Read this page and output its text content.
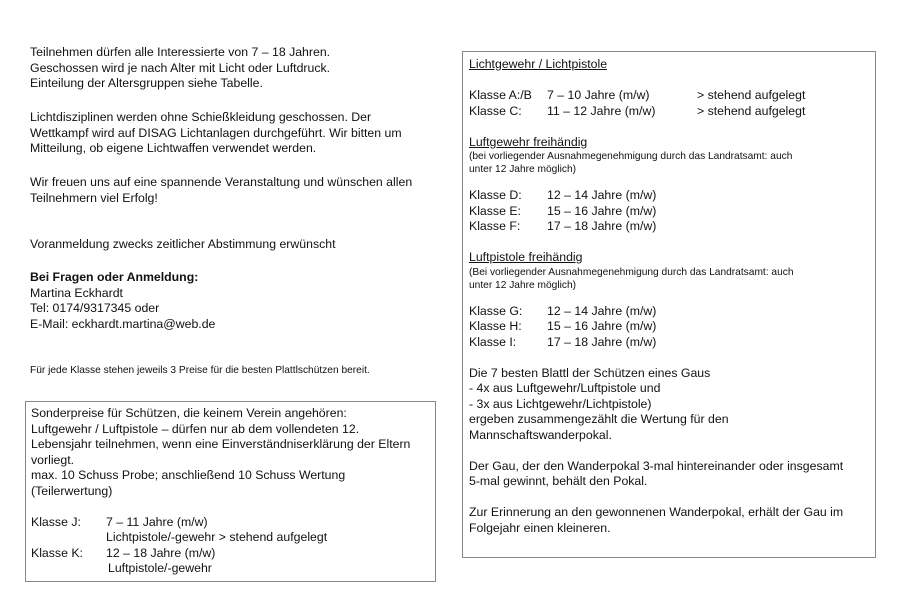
Teilnehmen dürfen alle Interessierte von 7 – 18 Jahren.
Geschossen wird je nach Alter mit Licht oder Luftdruck.
Einteilung der Altersgruppen siehe Tabelle.
Lichtdisziplinen werden ohne Schießkleidung geschossen. Der
Wettkampf wird auf DISAG Lichtanlagen durchgeführt. Wir bitten um
Mitteilung, ob eigene Lichtwaffen verwendet werden.
Wir freuen uns auf eine spannende Veranstaltung und wünschen allen
Teilnehmern viel Erfolg!
Voranmeldung zwecks zeitlicher Abstimmung erwünscht
Bei Fragen oder Anmeldung:
Martina Eckhardt
Tel: 0174/9317345 oder
E-Mail: eckhardt.martina@web.de
Für jede Klasse stehen jeweils 3 Preise für die besten Plattlschützen bereit.
Sonderpreise für Schützen, die keinem Verein angehören:
Luftgewehr / Luftpistole – dürfen nur ab dem vollendeten 12.
Lebensjahr teilnehmen, wenn eine Einverständniserklärung der Eltern
vorliegt.
max. 10 Schuss Probe; anschließend 10 Schuss Wertung
(Teilerwertung)
Klasse J:	7 – 11 Jahre (m/w)
Lichtpistole/-gewehr > stehend aufgelegt
Klasse K:	12 – 18 Jahre (m/w)
Luftpistole/-gewehr
Lichtgewehr / Lichtpistole
Klasse A:/B	7 – 10 Jahre (m/w)	> stehend aufgelegt
Klasse C:	11 – 12 Jahre (m/w)	> stehend aufgelegt
Luftgewehr freihändig
(bei vorliegender Ausnahmegenehmigung durch das Landratsamt: auch
unter 12 Jahre möglich)
Klasse D:	12 – 14 Jahre (m/w)
Klasse E:	15 – 16 Jahre (m/w)
Klasse F:	17 – 18 Jahre (m/w)
Luftpistole freihändig
(Bei vorliegender Ausnahmegenehmigung durch das Landratsamt: auch
unter 12 Jahre möglich)
Klasse G:	12 – 14 Jahre (m/w)
Klasse H:	15 – 16 Jahre (m/w)
Klasse I:	17 – 18 Jahre (m/w)
Die 7 besten Blattl der Schützen eines Gaus
- 4x aus Luftgewehr/Luftpistole und
- 3x aus Lichtgewehr/Lichtpistole)
ergeben zusammengezählt die Wertung für den
Mannschaftswanderpokal.
Der Gau, der den Wanderpokal 3-mal hintereinander oder insgesamt
5-mal gewinnt, behält den Pokal.
Zur Erinnerung an den gewonnenen Wanderpokal, erhält der Gau im
Folgejahr einen kleineren.
